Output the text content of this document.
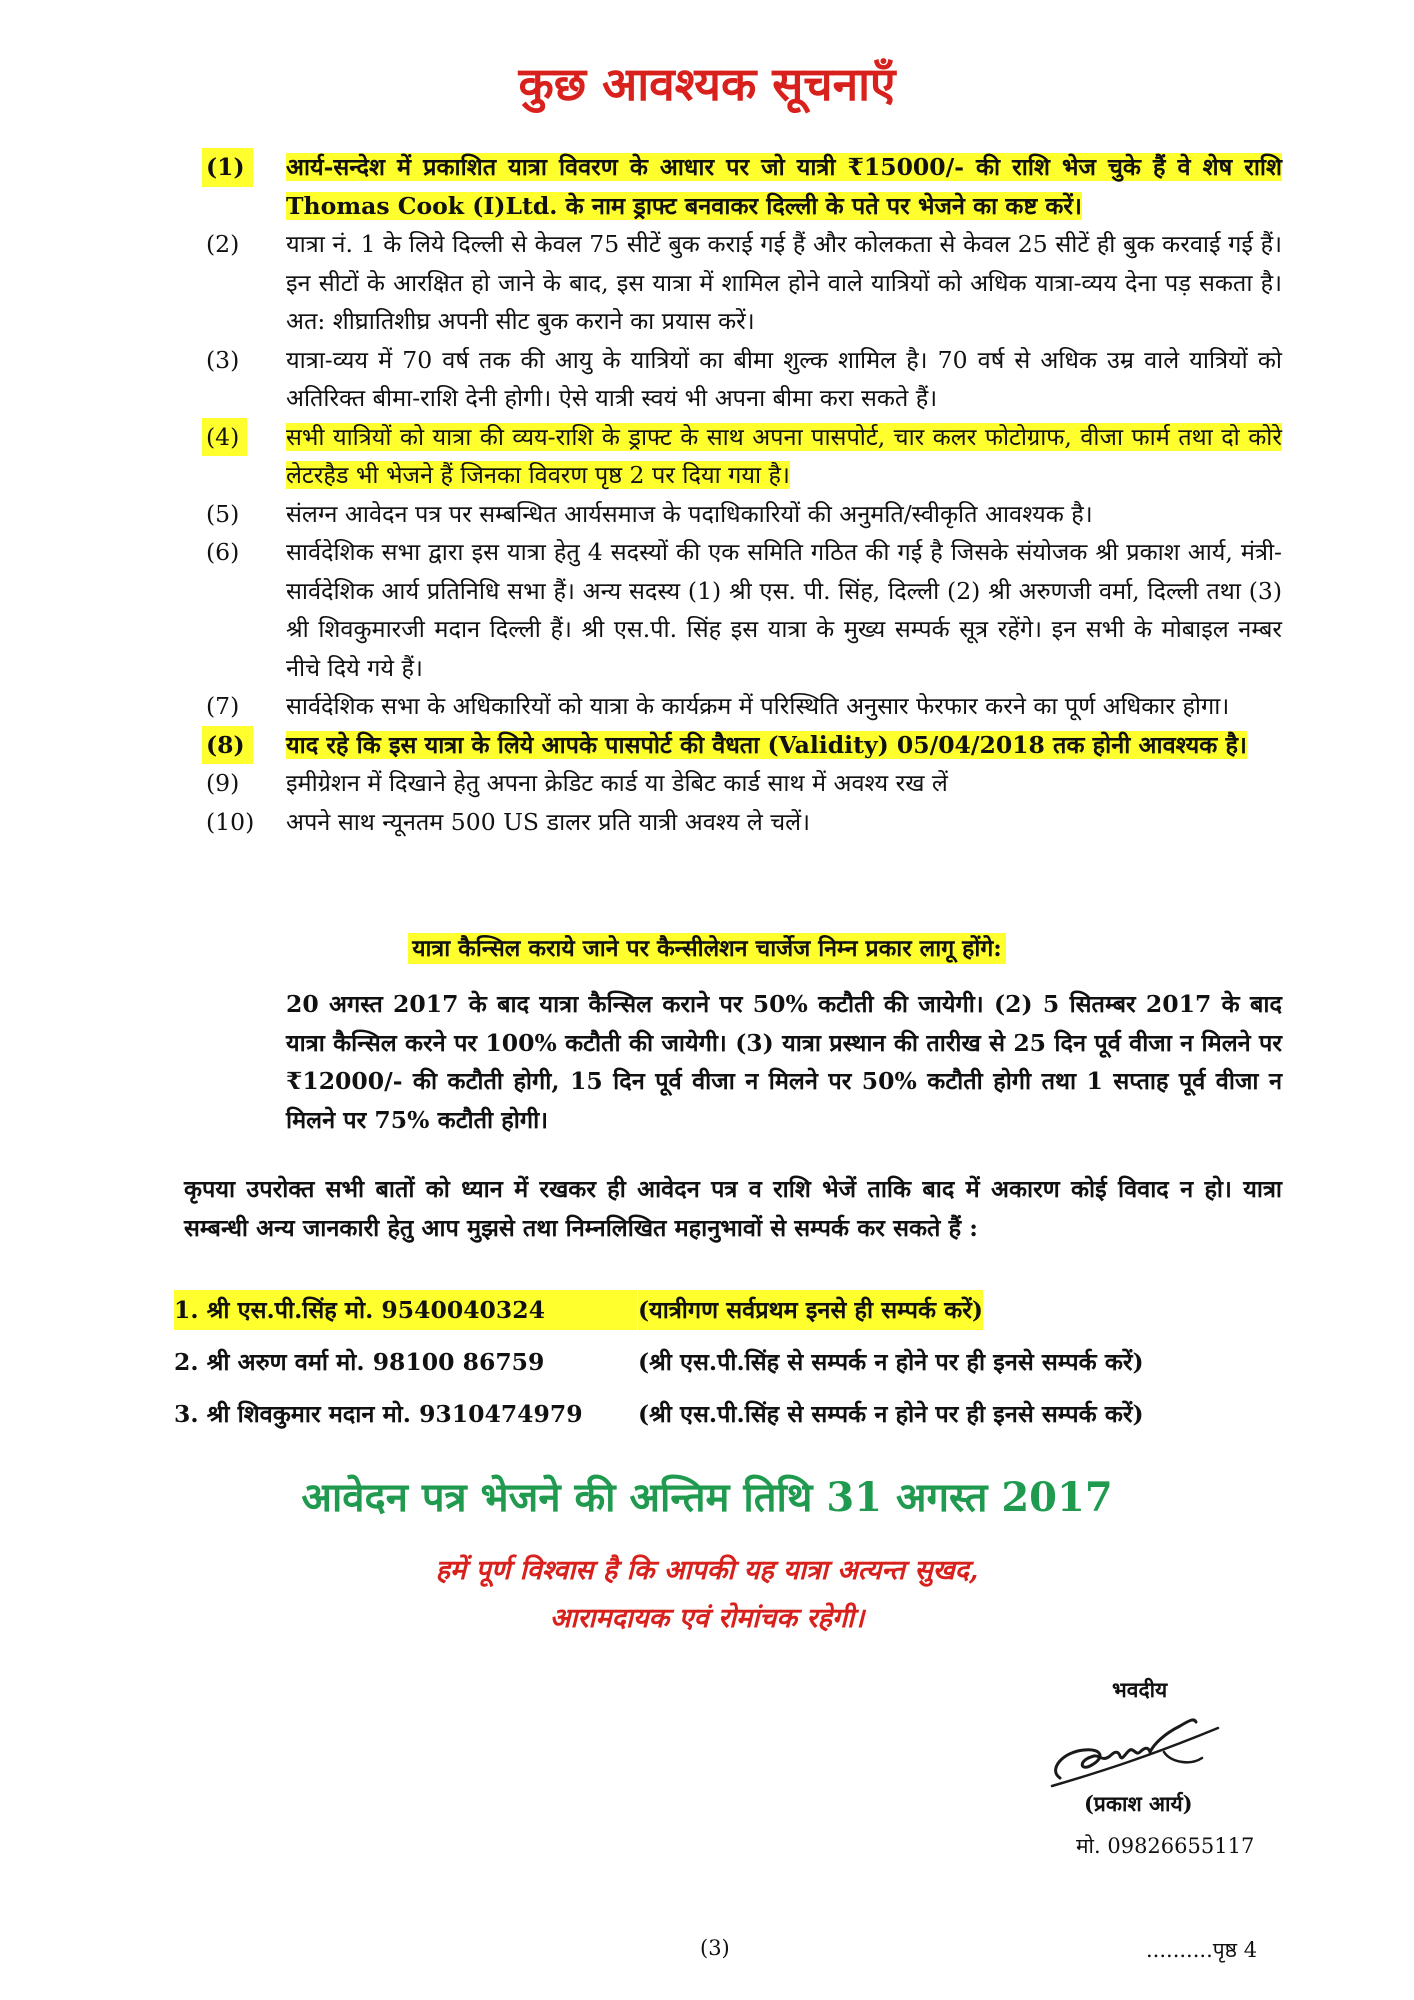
कुछ आवश्यक सूचनाएँ
(1)	आर्य-सन्देश में प्रकाशित यात्रा विवरण के आधार पर जो यात्री ₹15000/- की राशि भेज चुके हैं वे शेष राशि Thomas Cook (I)Ltd. के नाम ड्राफ्ट बनवाकर दिल्ली के पते पर भेजने का कष्ट करें।
(2) यात्रा नं. 1 के लिये दिल्ली से केवल 75 सीटें बुक कराई गई हैं और कोलकता से केवल 25 सीटें ही बुक करवाई गई हैं। इन सीटों के आरक्षित हो जाने के बाद, इस यात्रा में शामिल होने वाले यात्रियों को अधिक यात्रा-व्यय देना पड़ सकता है। अत: शीघ्रातिशीघ्र अपनी सीट बुक कराने का प्रयास करें।
(3) यात्रा-व्यय में 70 वर्ष तक की आयु के यात्रियों का बीमा शुल्क शामिल है। 70 वर्ष से अधिक उम्र वाले यात्रियों को अतिरिक्त बीमा-राशि देनी होगी। ऐसे यात्री स्वयं भी अपना बीमा करा सकते हैं।
(4)	सभी यात्रियों को यात्रा की व्यय-राशि के ड्राफ्ट के साथ अपना पासपोर्ट, चार कलर फोटोग्राफ, वीजा फार्म तथा दो कोरे लेटरहैड भी भेजने हैं जिनका विवरण पृष्ठ 2 पर दिया गया है।
(5) संलग्न आवेदन पत्र पर सम्बन्धित आर्यसमाज के पदाधिकारियों की अनुमति/स्वीकृति आवश्यक है।
(6) सार्वदेशिक सभा द्वारा इस यात्रा हेतु 4 सदस्यों की एक समिति गठित की गई है जिसके संयोजक श्री प्रकाश आर्य, मंत्री-सार्वदेशिक आर्य प्रतिनिधि सभा हैं। अन्य सदस्य (1) श्री एस. पी. सिंह, दिल्ली (2) श्री अरुणजी वर्मा, दिल्ली तथा (3) श्री शिवकुमारजी मदान दिल्ली हैं। श्री एस.पी. सिंह इस यात्रा के मुख्य सम्पर्क सूत्र रहेंगे। इन सभी के मोबाइल नम्बर नीचे दिये गये हैं।
(7) सार्वदेशिक सभा के अधिकारियों को यात्रा के कार्यक्रम में परिस्थिति अनुसार फेरफार करने का पूर्ण अधिकार होगा।
(8)	याद रहे कि इस यात्रा के लिये आपके पासपोर्ट की वैधता (Validity) 05/04/2018 तक होनी आवश्यक है।
(9) इमीग्रेशन में दिखाने हेतु अपना क्रेडिट कार्ड या डेबिट कार्ड साथ में अवश्य रख लें
(10) अपने साथ न्यूनतम 500 US डालर प्रति यात्री अवश्य ले चलें।
यात्रा कैन्सिल कराये जाने पर कैन्सीलेशन चार्जेज निम्न प्रकार लागू होंगे:
20 अगस्त 2017 के बाद यात्रा कैन्सिल कराने पर 50% कटौती की जायेगी। (2) 5 सितम्बर 2017 के बाद यात्रा कैन्सिल करने पर 100% कटौती की जायेगी। (3) यात्रा प्रस्थान की तारीख से 25 दिन पूर्व वीजा न मिलने पर ₹12000/- की कटौती होगी, 15 दिन पूर्व वीजा न मिलने पर 50% कटौती होगी तथा 1 सप्ताह पूर्व वीजा न मिलने पर 75% कटौती होगी।
कृपया उपरोक्त सभी बातों को ध्यान में रखकर ही आवेदन पत्र व राशि भेजें ताकि बाद में अकारण कोई विवाद न हो। यात्रा सम्बन्धी अन्य जानकारी हेतु आप मुझसे तथा निम्नलिखित महानुभावों से सम्पर्क कर सकते हैं :
1. श्री एस.पी.सिंह मो. 9540040324	(यात्रीगण सर्वप्रथम इनसे ही सम्पर्क करें)
2. श्री अरुण वर्मा मो. 98100 86759	(श्री एस.पी.सिंह से सम्पर्क न होने पर ही इनसे सम्पर्क करें)
3. श्री शिवकुमार मदान मो. 9310474979 (श्री एस.पी.सिंह से सम्पर्क न होने पर ही इनसे सम्पर्क करें)
आवेदन पत्र भेजने की अन्तिम तिथि 31 अगस्त 2017
हमें पूर्ण विश्वास है कि आपकी यह यात्रा अत्यन्त सुखद,
आरामदायक एवं रोमांचक रहेगी।
भवदीय
(प्रकाश आर्य)
मो. 09826655117
(3)	..........पृष्ठ 4
